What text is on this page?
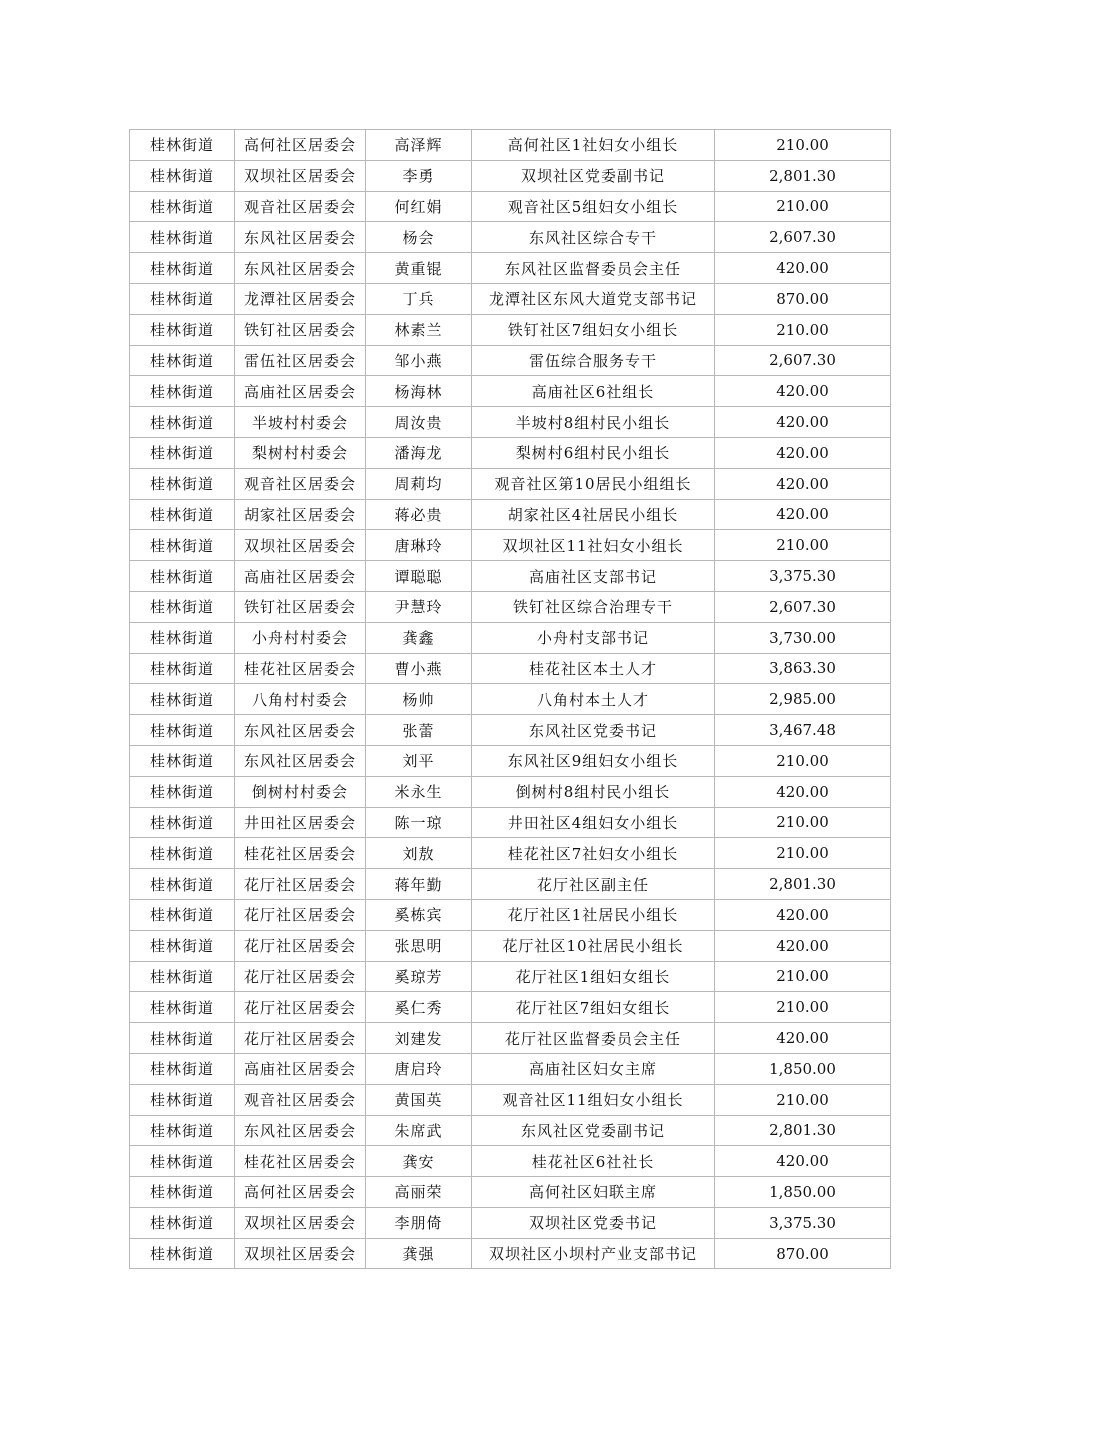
桂林街道	高何社区居委会	高泽辉	高何社区1社妇女小组长	210.00
桂林街道	双坝社区居委会	李勇	双坝社区党委副书记	2,801.30
桂林街道	观音社区居委会	何红娟	观音社区5组妇女小组长	210.00
桂林街道	东风社区居委会	杨会	东风社区综合专干	2,607.30
桂林街道	东风社区居委会	黄重锟	东风社区监督委员会主任	420.00
桂林街道	龙潭社区居委会	丁兵	龙潭社区东风大道党支部书记	870.00
桂林街道	铁钉社区居委会	林素兰	铁钉社区7组妇女小组长	210.00
桂林街道	雷伍社区居委会	邹小燕	雷伍综合服务专干	2,607.30
桂林街道	高庙社区居委会	杨海林	高庙社区6社组长	420.00
桂林街道	半坡村村委会	周汝贵	半坡村8组村民小组长	420.00
桂林街道	梨树村村委会	潘海龙	梨树村6组村民小组长	420.00
桂林街道	观音社区居委会	周莉均	观音社区第10居民小组组长	420.00
桂林街道	胡家社区居委会	蒋必贵	胡家社区4社居民小组长	420.00
桂林街道	双坝社区居委会	唐琳玲	双坝社区11社妇女小组长	210.00
桂林街道	高庙社区居委会	谭聪聪	高庙社区支部书记	3,375.30
桂林街道	铁钉社区居委会	尹慧玲	铁钉社区综合治理专干	2,607.30
桂林街道	小舟村村委会	龚鑫	小舟村支部书记	3,730.00
桂林街道	桂花社区居委会	曹小燕	桂花社区本土人才	3,863.30
桂林街道	八角村村委会	杨帅	八角村本土人才	2,985.00
桂林街道	东风社区居委会	张蕾	东风社区党委书记	3,467.48
桂林街道	东风社区居委会	刘平	东风社区9组妇女小组长	210.00
桂林街道	倒树村村委会	米永生	倒树村8组村民小组长	420.00
桂林街道	井田社区居委会	陈一琼	井田社区4组妇女小组长	210.00
桂林街道	桂花社区居委会	刘敖	桂花社区7社妇女小组长	210.00
桂林街道	花厅社区居委会	蒋年勤	花厅社区副主任	2,801.30
桂林街道	花厅社区居委会	奚栋宾	花厅社区1社居民小组长	420.00
桂林街道	花厅社区居委会	张思明	花厅社区10社居民小组长	420.00
桂林街道	花厅社区居委会	奚琼芳	花厅社区1组妇女组长	210.00
桂林街道	花厅社区居委会	奚仁秀	花厅社区7组妇女组长	210.00
桂林街道	花厅社区居委会	刘建发	花厅社区监督委员会主任	420.00
桂林街道	高庙社区居委会	唐启玲	高庙社区妇女主席	1,850.00
桂林街道	观音社区居委会	黄国英	观音社区11组妇女小组长	210.00
桂林街道	东风社区居委会	朱席武	东风社区党委副书记	2,801.30
桂林街道	桂花社区居委会	龚安	桂花社区6社社长	420.00
桂林街道	高何社区居委会	高丽荣	高何社区妇联主席	1,850.00
桂林街道	双坝社区居委会	李朋倚	双坝社区党委书记	3,375.30
桂林街道	双坝社区居委会	龚强	双坝社区小坝村产业支部书记	870.00
